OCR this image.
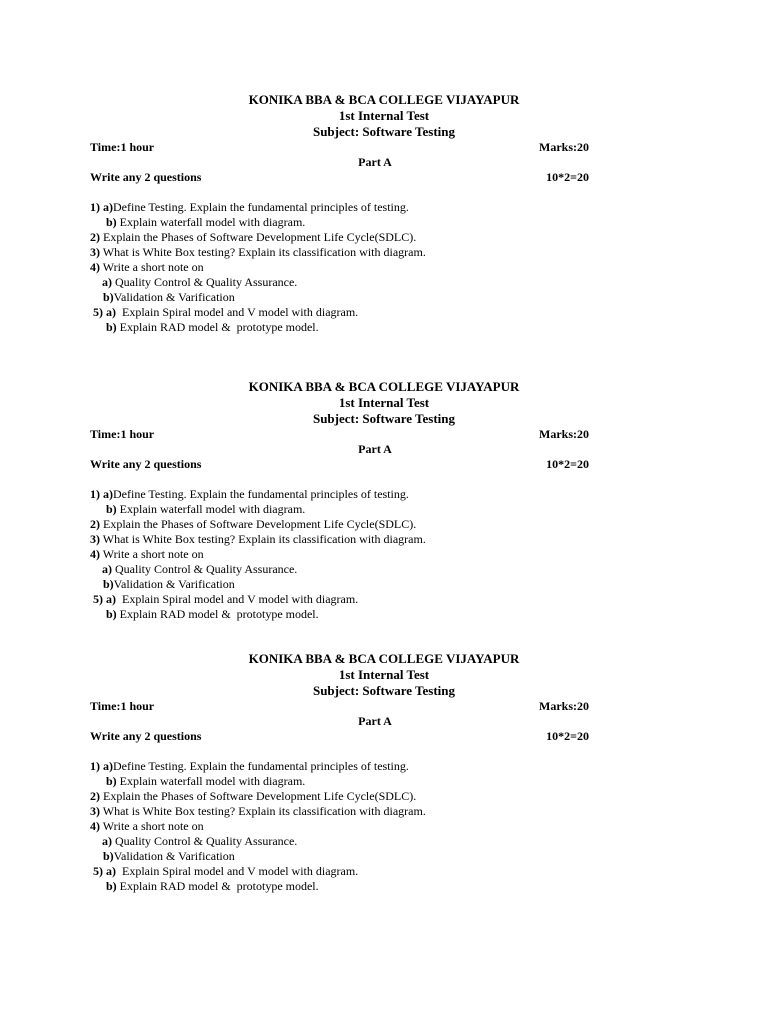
KONIKA BBA & BCA COLLEGE VIJAYAPUR
1st Internal Test
Subject: Software Testing
Time:1 hour	Marks:20
Part A
Write any 2 questions	10*2=20
1) a)Define Testing. Explain the fundamental principles of testing.
b) Explain waterfall model with diagram.
2) Explain the Phases of Software Development Life Cycle(SDLC).
3) What is White Box testing? Explain its classification with diagram.
4) Write a short note on
a) Quality Control & Quality Assurance.
b)Validation & Varification
5) a)  Explain Spiral model and V model with diagram.
b) Explain RAD model &  prototype model.
KONIKA BBA & BCA COLLEGE VIJAYAPUR
1st Internal Test
Subject: Software Testing
Time:1 hour	Marks:20
Part A
Write any 2 questions	10*2=20
1) a)Define Testing. Explain the fundamental principles of testing.
b) Explain waterfall model with diagram.
2) Explain the Phases of Software Development Life Cycle(SDLC).
3) What is White Box testing? Explain its classification with diagram.
4) Write a short note on
a) Quality Control & Quality Assurance.
b)Validation & Varification
5) a)  Explain Spiral model and V model with diagram.
b) Explain RAD model &  prototype model.
KONIKA BBA & BCA COLLEGE VIJAYAPUR
1st Internal Test
Subject: Software Testing
Time:1 hour	Marks:20
Part A
Write any 2 questions	10*2=20
1) a)Define Testing. Explain the fundamental principles of testing.
b) Explain waterfall model with diagram.
2) Explain the Phases of Software Development Life Cycle(SDLC).
3) What is White Box testing? Explain its classification with diagram.
4) Write a short note on
a) Quality Control & Quality Assurance.
b)Validation & Varification
5) a)  Explain Spiral model and V model with diagram.
b) Explain RAD model &  prototype model.
